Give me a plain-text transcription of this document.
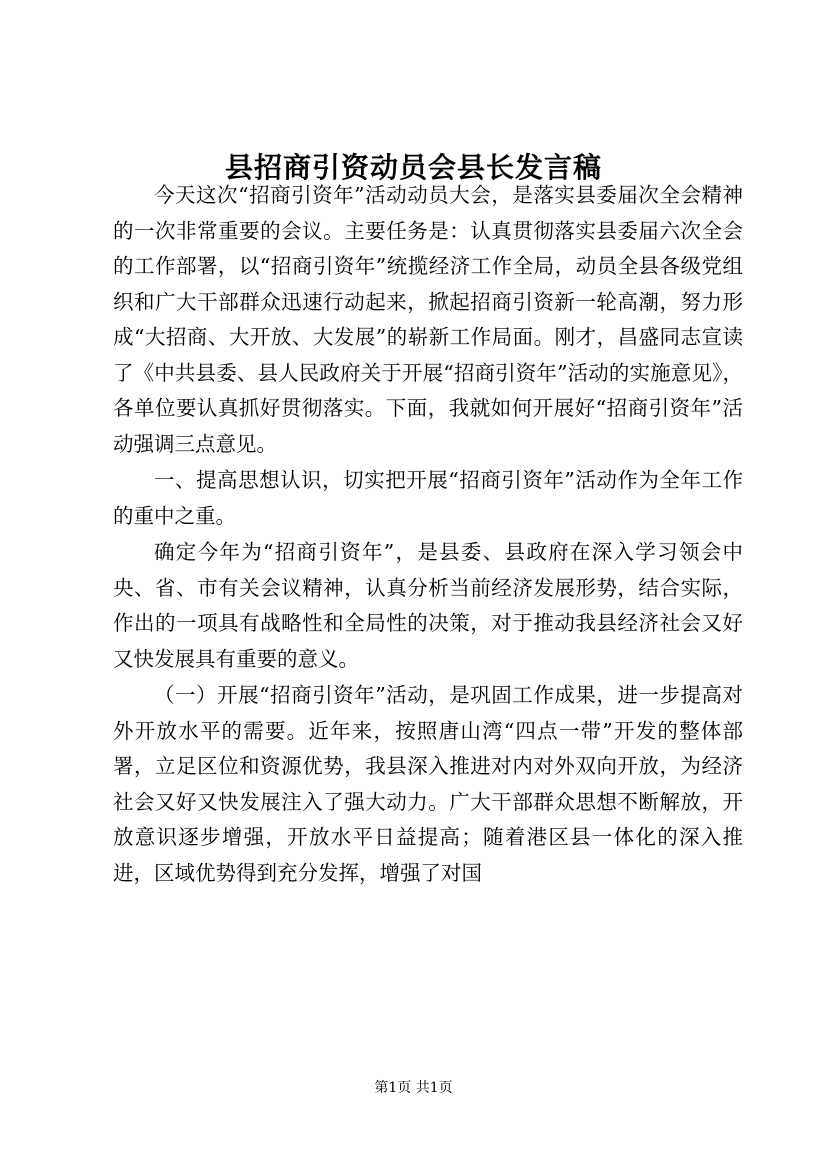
县招商引资动员会县长发言稿

今天这次“招商引资年”活动动员大会，是落实县委届次全会精神的一次非常重要的会议。主要任务是：认真贯彻落实县委届六次全会的工作部署，以“招商引资年”统揽经济工作全局，动员全县各级党组织和广大干部群众迅速行动起来，掀起招商引资新一轮高潮，努力形成“大招商、大开放、大发展”的崭新工作局面。刚才，昌盛同志宣读了《中共县委、县人民政府关于开展“招商引资年”活动的实施意见》，各单位要认真抓好贯彻落实。下面，我就如何开展好“招商引资年”活动强调三点意见。

一、提高思想认识，切实把开展“招商引资年”活动作为全年工作的重中之重。

确定今年为“招商引资年”，是县委、县政府在深入学习领会中央、省、市有关会议精神，认真分析当前经济发展形势，结合实际，作出的一项具有战略性和全局性的决策，对于推动我县经济社会又好又快发展具有重要的意义。

（一）开展“招商引资年”活动，是巩固工作成果，进一步提高对外开放水平的需要。近年来，按照唐山湾“四点一带”开发的整体部署，立足区位和资源优势，我县深入推进对内对外双向开放，为经济社会又好又快发展注入了强大动力。广大干部群众思想不断解放，开放意识逐步增强，开放水平日益提高；随着港区县一体化的深入推进，区域优势得到充分发挥，增强了对国

第1页 共1页
